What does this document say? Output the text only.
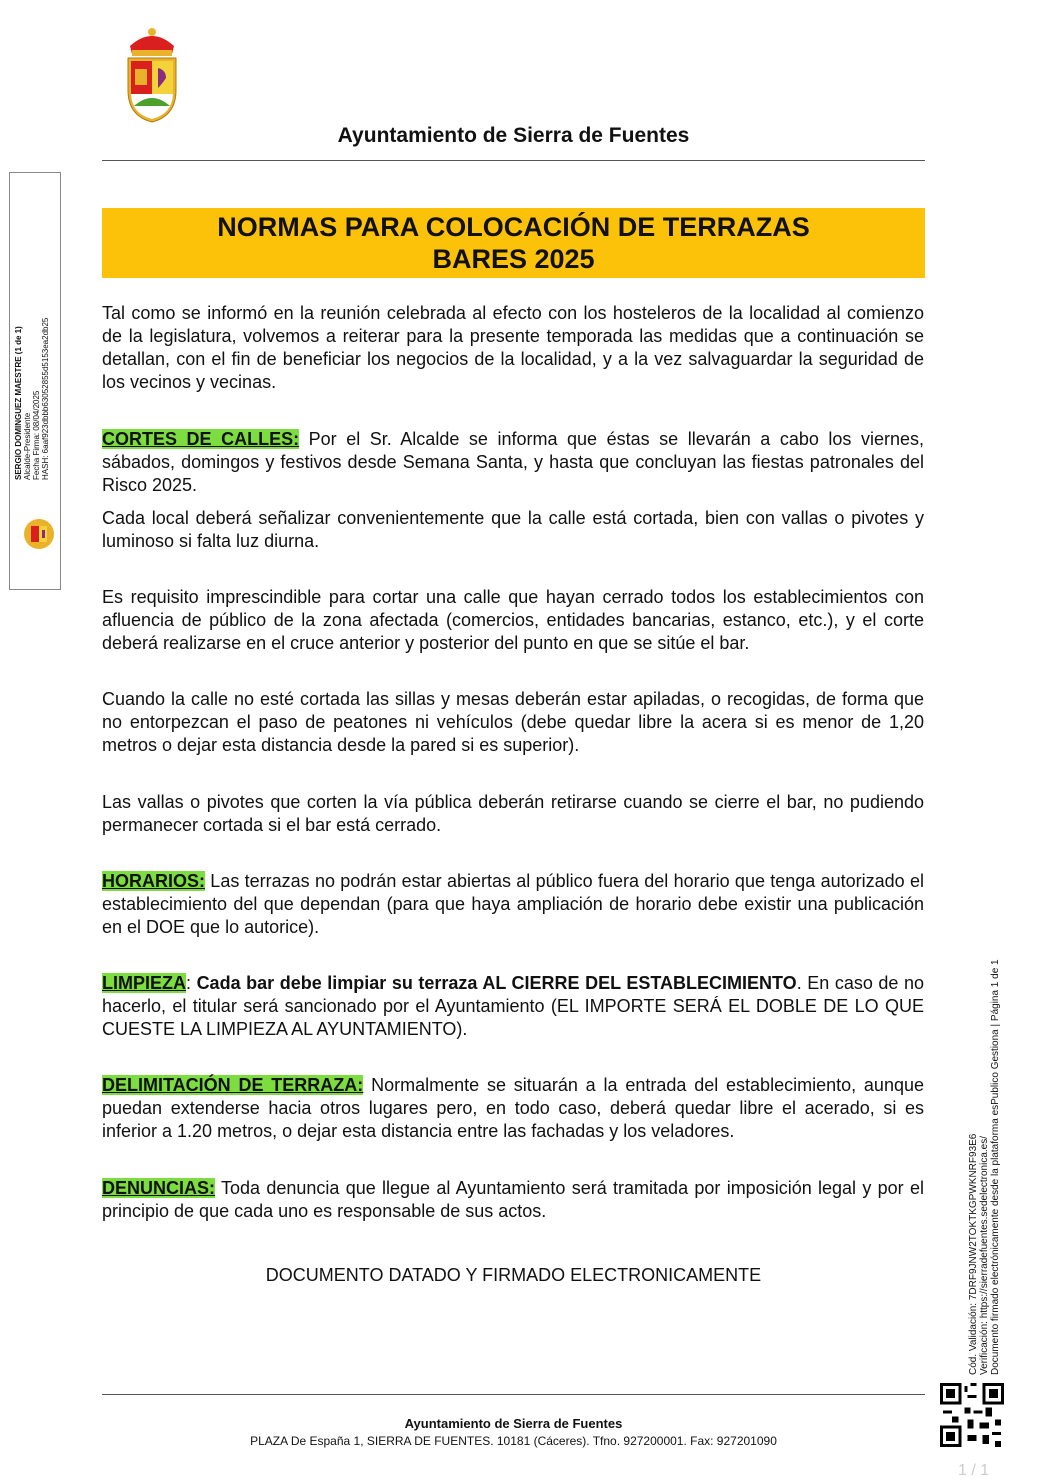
Ayuntamiento de Sierra de Fuentes
NORMAS PARA COLOCACIÓN DE TERRAZAS
BARES 2025

Tal como se informó en la reunión celebrada al efecto con los hosteleros de la localidad al comienzo de la legislatura, volvemos a reiterar para la presente temporada las medidas que a continuación se detallan, con el fin de beneficiar los negocios de la localidad, y a la vez salvaguardar la seguridad de los vecinos y vecinas.

CORTES DE CALLES: Por el Sr. Alcalde se informa que éstas se llevarán a cabo los viernes, sábados, domingos y festivos desde Semana Santa, y hasta que concluyan las fiestas patronales del Risco 2025.

Cada local deberá señalizar convenientemente que la calle está cortada, bien con vallas o pivotes y luminoso si falta luz diurna.

Es requisito imprescindible para cortar una calle que hayan cerrado todos los establecimientos con afluencia de público de la zona afectada (comercios, entidades bancarias, estanco, etc.), y el corte deberá realizarse en el cruce anterior y posterior del punto en que se sitúe el bar.

Cuando la calle no esté cortada las sillas y mesas deberán estar apiladas, o recogidas, de forma que no entorpezcan el paso de peatones ni vehículos (debe quedar libre la acera si es menor de 1,20 metros o dejar esta distancia desde la pared si es superior).

Las vallas o pivotes que corten la vía pública deberán retirarse cuando se cierre el bar, no pudiendo permanecer cortada si el bar está cerrado.

HORARIOS: Las terrazas no podrán estar abiertas al público fuera del horario que tenga autorizado el establecimiento del que dependan (para que haya ampliación de horario debe existir una publicación en el DOE que lo autorice).

LIMPIEZA: Cada bar debe limpiar su terraza AL CIERRE DEL ESTABLECIMIENTO. En caso de no hacerlo, el titular será sancionado por el Ayuntamiento (EL IMPORTE SERÁ EL DOBLE DE LO QUE CUESTE LA LIMPIEZA AL AYUNTAMIENTO).

DELIMITACIÓN DE TERRAZA: Normalmente se situarán a la entrada del establecimiento, aunque puedan extenderse hacia otros lugares pero, en todo caso, deberá quedar libre el acerado, si es inferior a 1.20 metros, o dejar esta distancia entre las fachadas y los veladores.

DENUNCIAS: Toda denuncia que llegue al Ayuntamiento será tramitada por imposición legal y por el principio de que cada uno es responsable de sus actos.

DOCUMENTO DATADO Y FIRMADO ELECTRONICAMENTE
Ayuntamiento de Sierra de Fuentes
PLAZA De España 1, SIERRA DE FUENTES. 10181 (Cáceres). Tfno. 927200001. Fax: 927201090
SERGIO DOMINGUEZ MAESTRE (1 de 1) Alcalde-Presidente Fecha Firma: 08/04/2025 HASH: 6aaf923dbbb63052855d5153ea2db25
Cód. Validación: 7DRF9JNW2TOKTKGPWKNRF93E6 Verificación: https://sierradefuentes.sedelectronica.es/ Documento firmado electrónicamente desde la plataforma esPublico Gestiona | Página 1 de 1
1 / 1
